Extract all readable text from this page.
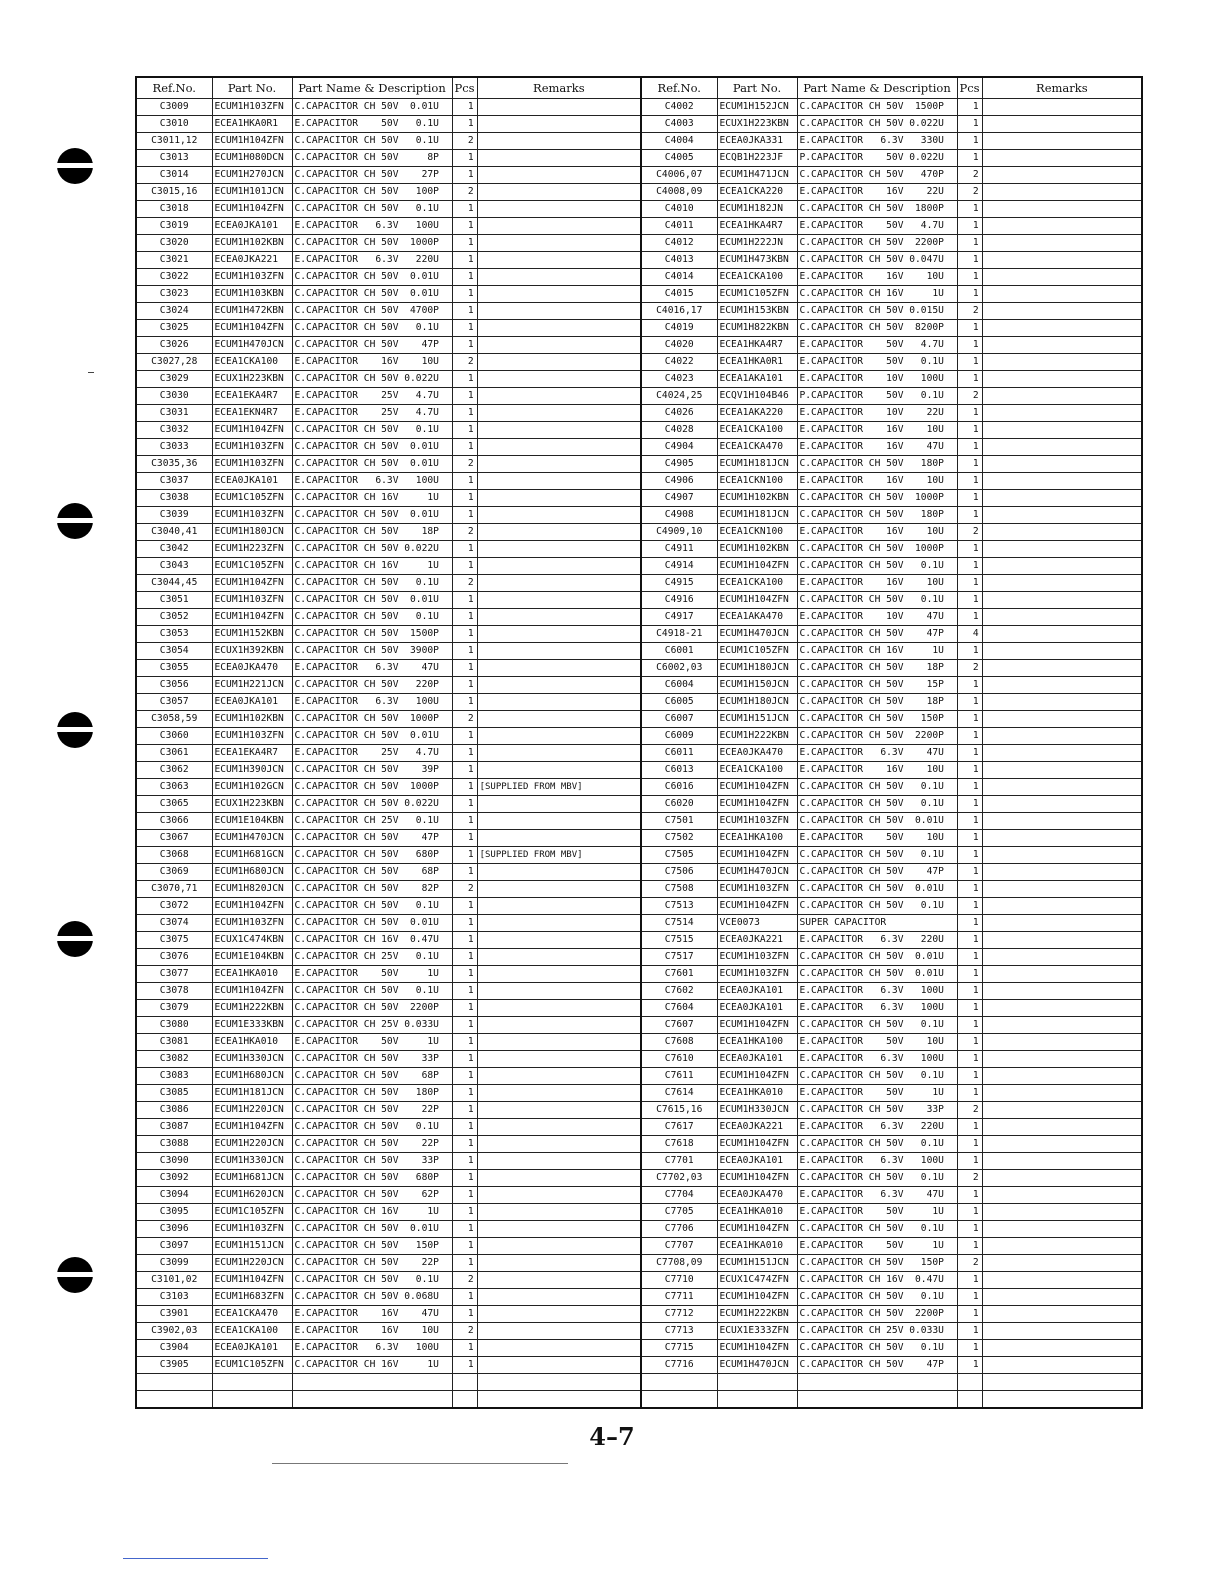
Ref.No.	Part No.	Part Name & Description	Pcs	Remarks
C3009	ECUM1H103ZFN	C.CAPACITOR CH 50V  0.01U	1	
C3010	ECEA1HKA0R1	E.CAPACITOR    50V   0.1U	1	
C3011,12	ECUM1H104ZFN	C.CAPACITOR CH 50V   0.1U	2	
C3013	ECUM1H080DCN	C.CAPACITOR CH 50V     8P	1	
C3014	ECUM1H270JCN	C.CAPACITOR CH 50V    27P	1	
C3015,16	ECUM1H101JCN	C.CAPACITOR CH 50V   100P	2	
C3018	ECUM1H104ZFN	C.CAPACITOR CH 50V   0.1U	1	
C3019	ECEA0JKA101	E.CAPACITOR   6.3V   100U	1	
C3020	ECUM1H102KBN	C.CAPACITOR CH 50V  1000P	1	
C3021	ECEA0JKA221	E.CAPACITOR   6.3V   220U	1	
C3022	ECUM1H103ZFN	C.CAPACITOR CH 50V  0.01U	1	
C3023	ECUM1H103KBN	C.CAPACITOR CH 50V  0.01U	1	
C3024	ECUM1H472KBN	C.CAPACITOR CH 50V  4700P	1	
C3025	ECUM1H104ZFN	C.CAPACITOR CH 50V   0.1U	1	
C3026	ECUM1H470JCN	C.CAPACITOR CH 50V    47P	1	
C3027,28	ECEA1CKA100	E.CAPACITOR    16V    10U	2	
C3029	ECUX1H223KBN	C.CAPACITOR CH 50V 0.022U	1	
C3030	ECEA1EKA4R7	E.CAPACITOR    25V   4.7U	1	
C3031	ECEA1EKN4R7	E.CAPACITOR    25V   4.7U	1	
C3032	ECUM1H104ZFN	C.CAPACITOR CH 50V   0.1U	1	
C3033	ECUM1H103ZFN	C.CAPACITOR CH 50V  0.01U	1	
C3035,36	ECUM1H103ZFN	C.CAPACITOR CH 50V  0.01U	2	
C3037	ECEA0JKA101	E.CAPACITOR   6.3V   100U	1	
C3038	ECUM1C105ZFN	C.CAPACITOR CH 16V     1U	1	
C3039	ECUM1H103ZFN	C.CAPACITOR CH 50V  0.01U	1	
C3040,41	ECUM1H180JCN	C.CAPACITOR CH 50V    18P	2	
C3042	ECUM1H223ZFN	C.CAPACITOR CH 50V 0.022U	1	
C3043	ECUM1C105ZFN	C.CAPACITOR CH 16V     1U	1	
C3044,45	ECUM1H104ZFN	C.CAPACITOR CH 50V   0.1U	2	
C3051	ECUM1H103ZFN	C.CAPACITOR CH 50V  0.01U	1	
C3052	ECUM1H104ZFN	C.CAPACITOR CH 50V   0.1U	1	
C3053	ECUM1H152KBN	C.CAPACITOR CH 50V  1500P	1	
C3054	ECUX1H392KBN	C.CAPACITOR CH 50V  3900P	1	
C3055	ECEA0JKA470	E.CAPACITOR   6.3V    47U	1	
C3056	ECUM1H221JCN	C.CAPACITOR CH 50V   220P	1	
C3057	ECEA0JKA101	E.CAPACITOR   6.3V   100U	1	
C3058,59	ECUM1H102KBN	C.CAPACITOR CH 50V  1000P	2	
C3060	ECUM1H103ZFN	C.CAPACITOR CH 50V  0.01U	1	
C3061	ECEA1EKA4R7	E.CAPACITOR    25V   4.7U	1	
C3062	ECUM1H390JCN	C.CAPACITOR CH 50V    39P	1	
C3063	ECUM1H102GCN	C.CAPACITOR CH 50V  1000P	1	[SUPPLIED FROM MBV]
C3065	ECUX1H223KBN	C.CAPACITOR CH 50V 0.022U	1	
C3066	ECUM1E104KBN	C.CAPACITOR CH 25V   0.1U	1	
C3067	ECUM1H470JCN	C.CAPACITOR CH 50V    47P	1	
C3068	ECUM1H681GCN	C.CAPACITOR CH 50V   680P	1	[SUPPLIED FROM MBV]
C3069	ECUM1H680JCN	C.CAPACITOR CH 50V    68P	1	
C3070,71	ECUM1H820JCN	C.CAPACITOR CH 50V    82P	2	
C3072	ECUM1H104ZFN	C.CAPACITOR CH 50V   0.1U	1	
C3074	ECUM1H103ZFN	C.CAPACITOR CH 50V  0.01U	1	
C3075	ECUX1C474KBN	C.CAPACITOR CH 16V  0.47U	1	
C3076	ECUM1E104KBN	C.CAPACITOR CH 25V   0.1U	1	
C3077	ECEA1HKA010	E.CAPACITOR    50V     1U	1	
C3078	ECUM1H104ZFN	C.CAPACITOR CH 50V   0.1U	1	
C3079	ECUM1H222KBN	C.CAPACITOR CH 50V  2200P	1	
C3080	ECUM1E333KBN	C.CAPACITOR CH 25V 0.033U	1	
C3081	ECEA1HKA010	E.CAPACITOR    50V     1U	1	
C3082	ECUM1H330JCN	C.CAPACITOR CH 50V    33P	1	
C3083	ECUM1H680JCN	C.CAPACITOR CH 50V    68P	1	
C3085	ECUM1H181JCN	C.CAPACITOR CH 50V   180P	1	
C3086	ECUM1H220JCN	C.CAPACITOR CH 50V    22P	1	
C3087	ECUM1H104ZFN	C.CAPACITOR CH 50V   0.1U	1	
C3088	ECUM1H220JCN	C.CAPACITOR CH 50V    22P	1	
C3090	ECUM1H330JCN	C.CAPACITOR CH 50V    33P	1	
C3092	ECUM1H681JCN	C.CAPACITOR CH 50V   680P	1	
C3094	ECUM1H620JCN	C.CAPACITOR CH 50V    62P	1	
C3095	ECUM1C105ZFN	C.CAPACITOR CH 16V     1U	1	
C3096	ECUM1H103ZFN	C.CAPACITOR CH 50V  0.01U	1	
C3097	ECUM1H151JCN	C.CAPACITOR CH 50V   150P	1	
C3099	ECUM1H220JCN	C.CAPACITOR CH 50V    22P	1	
C3101,02	ECUM1H104ZFN	C.CAPACITOR CH 50V   0.1U	2	
C3103	ECUM1H683ZFN	C.CAPACITOR CH 50V 0.068U	1	
C3901	ECEA1CKA470	E.CAPACITOR    16V    47U	1	
C3902,03	ECEA1CKA100	E.CAPACITOR    16V    10U	2	
C3904	ECEA0JKA101	E.CAPACITOR   6.3V   100U	1	
C3905	ECUM1C105ZFN	C.CAPACITOR CH 16V     1U	1	

Ref.No.	Part No.	Part Name & Description	Pcs	Remarks
C4002	ECUM1H152JCN	C.CAPACITOR CH 50V  1500P	1	
C4003	ECUX1H223KBN	C.CAPACITOR CH 50V 0.022U	1	
C4004	ECEA0JKA331	E.CAPACITOR   6.3V   330U	1	
C4005	ECQB1H223JF	P.CAPACITOR    50V 0.022U	1	
C4006,07	ECUM1H471JCN	C.CAPACITOR CH 50V   470P	2	
C4008,09	ECEA1CKA220	E.CAPACITOR    16V    22U	2	
C4010	ECUM1H182JN	C.CAPACITOR CH 50V  1800P	1	
C4011	ECEA1HKA4R7	E.CAPACITOR    50V   4.7U	1	
C4012	ECUM1H222JN	C.CAPACITOR CH 50V  2200P	1	
C4013	ECUM1H473KBN	C.CAPACITOR CH 50V 0.047U	1	
C4014	ECEA1CKA100	E.CAPACITOR    16V    10U	1	
C4015	ECUM1C105ZFN	C.CAPACITOR CH 16V     1U	1	
C4016,17	ECUM1H153KBN	C.CAPACITOR CH 50V 0.015U	2	
C4019	ECUM1H822KBN	C.CAPACITOR CH 50V  8200P	1	
C4020	ECEA1HKA4R7	E.CAPACITOR    50V   4.7U	1	
C4022	ECEA1HKA0R1	E.CAPACITOR    50V   0.1U	1	
C4023	ECEA1AKA101	E.CAPACITOR    10V   100U	1	
C4024,25	ECQV1H104B46	P.CAPACITOR    50V   0.1U	2	
C4026	ECEA1AKA220	E.CAPACITOR    10V    22U	1	
C4028	ECEA1CKA100	E.CAPACITOR    16V    10U	1	
C4904	ECEA1CKA470	E.CAPACITOR    16V    47U	1	
C4905	ECUM1H181JCN	C.CAPACITOR CH 50V   180P	1	
C4906	ECEA1CKN100	E.CAPACITOR    16V    10U	1	
C4907	ECUM1H102KBN	C.CAPACITOR CH 50V  1000P	1	
C4908	ECUM1H181JCN	C.CAPACITOR CH 50V   180P	1	
C4909,10	ECEA1CKN100	E.CAPACITOR    16V    10U	2	
C4911	ECUM1H102KBN	C.CAPACITOR CH 50V  1000P	1	
C4914	ECUM1H104ZFN	C.CAPACITOR CH 50V   0.1U	1	
C4915	ECEA1CKA100	E.CAPACITOR    16V    10U	1	
C4916	ECUM1H104ZFN	C.CAPACITOR CH 50V   0.1U	1	
C4917	ECEA1AKA470	E.CAPACITOR    10V    47U	1	
C4918-21	ECUM1H470JCN	C.CAPACITOR CH 50V    47P	4	
C6001	ECUM1C105ZFN	C.CAPACITOR CH 16V     1U	1	
C6002,03	ECUM1H180JCN	C.CAPACITOR CH 50V    18P	2	
C6004	ECUM1H150JCN	C.CAPACITOR CH 50V    15P	1	
C6005	ECUM1H180JCN	C.CAPACITOR CH 50V    18P	1	
C6007	ECUM1H151JCN	C.CAPACITOR CH 50V   150P	1	
C6009	ECUM1H222KBN	C.CAPACITOR CH 50V  2200P	1	
C6011	ECEA0JKA470	E.CAPACITOR   6.3V    47U	1	
C6013	ECEA1CKA100	E.CAPACITOR    16V    10U	1	
C6016	ECUM1H104ZFN	C.CAPACITOR CH 50V   0.1U	1	
C6020	ECUM1H104ZFN	C.CAPACITOR CH 50V   0.1U	1	
C7501	ECUM1H103ZFN	C.CAPACITOR CH 50V  0.01U	1	
C7502	ECEA1HKA100	E.CAPACITOR    50V    10U	1	
C7505	ECUM1H104ZFN	C.CAPACITOR CH 50V   0.1U	1	
C7506	ECUM1H470JCN	C.CAPACITOR CH 50V    47P	1	
C7508	ECUM1H103ZFN	C.CAPACITOR CH 50V  0.01U	1	
C7513	ECUM1H104ZFN	C.CAPACITOR CH 50V   0.1U	1	
C7514	VCE0073	SUPER CAPACITOR	1	
C7515	ECEA0JKA221	E.CAPACITOR   6.3V   220U	1	
C7517	ECUM1H103ZFN	C.CAPACITOR CH 50V  0.01U	1	
C7601	ECUM1H103ZFN	C.CAPACITOR CH 50V  0.01U	1	
C7602	ECEA0JKA101	E.CAPACITOR   6.3V   100U	1	
C7604	ECEA0JKA101	E.CAPACITOR   6.3V   100U	1	
C7607	ECUM1H104ZFN	C.CAPACITOR CH 50V   0.1U	1	
C7608	ECEA1HKA100	E.CAPACITOR    50V    10U	1	
C7610	ECEA0JKA101	E.CAPACITOR   6.3V   100U	1	
C7611	ECUM1H104ZFN	C.CAPACITOR CH 50V   0.1U	1	
C7614	ECEA1HKA010	E.CAPACITOR    50V     1U	1	
C7615,16	ECUM1H330JCN	C.CAPACITOR CH 50V    33P	2	
C7617	ECEA0JKA221	E.CAPACITOR   6.3V   220U	1	
C7618	ECUM1H104ZFN	C.CAPACITOR CH 50V   0.1U	1	
C7701	ECEA0JKA101	E.CAPACITOR   6.3V   100U	1	
C7702,03	ECUM1H104ZFN	C.CAPACITOR CH 50V   0.1U	2	
C7704	ECEA0JKA470	E.CAPACITOR   6.3V    47U	1	
C7705	ECEA1HKA010	E.CAPACITOR    50V     1U	1	
C7706	ECUM1H104ZFN	C.CAPACITOR CH 50V   0.1U	1	
C7707	ECEA1HKA010	E.CAPACITOR    50V     1U	1	
C7708,09	ECUM1H151JCN	C.CAPACITOR CH 50V   150P	2	
C7710	ECUX1C474ZFN	C.CAPACITOR CH 16V  0.47U	1	
C7711	ECUM1H104ZFN	C.CAPACITOR CH 50V   0.1U	1	
C7712	ECUM1H222KBN	C.CAPACITOR CH 50V  2200P	1	
C7713	ECUX1E333ZFN	C.CAPACITOR CH 25V 0.033U	1	
C7715	ECUM1H104ZFN	C.CAPACITOR CH 50V   0.1U	1	
C7716	ECUM1H470JCN	C.CAPACITOR CH 50V    47P	1	

4–7
